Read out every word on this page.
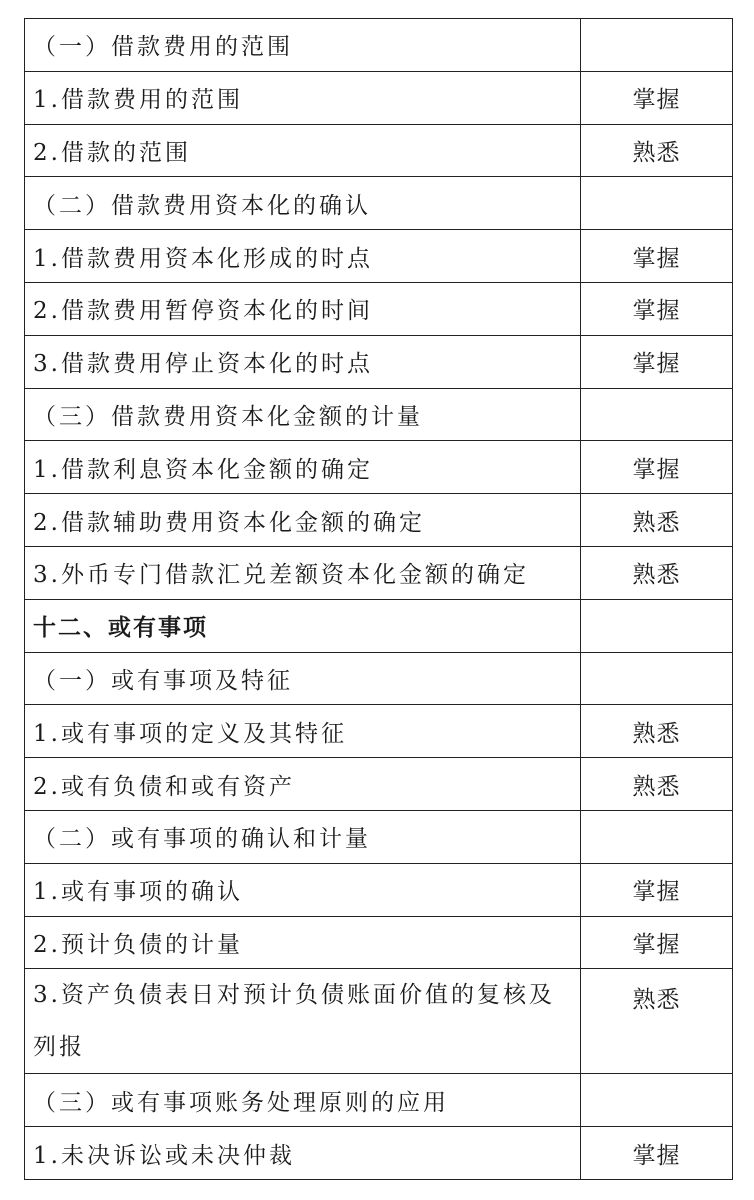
（一）借款费用的范围	
1.借款费用的范围	掌握
2.借款的范围	熟悉
（二）借款费用资本化的确认	
1.借款费用资本化形成的时点	掌握
2.借款费用暂停资本化的时间	掌握
3.借款费用停止资本化的时点	掌握
（三）借款费用资本化金额的计量	
1.借款利息资本化金额的确定	掌握
2.借款辅助费用资本化金额的确定	熟悉
3.外币专门借款汇兑差额资本化金额的确定	熟悉
十二、或有事项	
（一）或有事项及特征	
1.或有事项的定义及其特征	熟悉
2.或有负债和或有资产	熟悉
（二）或有事项的确认和计量	
1.或有事项的确认	掌握
2.预计负债的计量	掌握
3.资产负债表日对预计负债账面价值的复核及列报	熟悉
（三）或有事项账务处理原则的应用	
1.未决诉讼或未决仲裁	掌握
